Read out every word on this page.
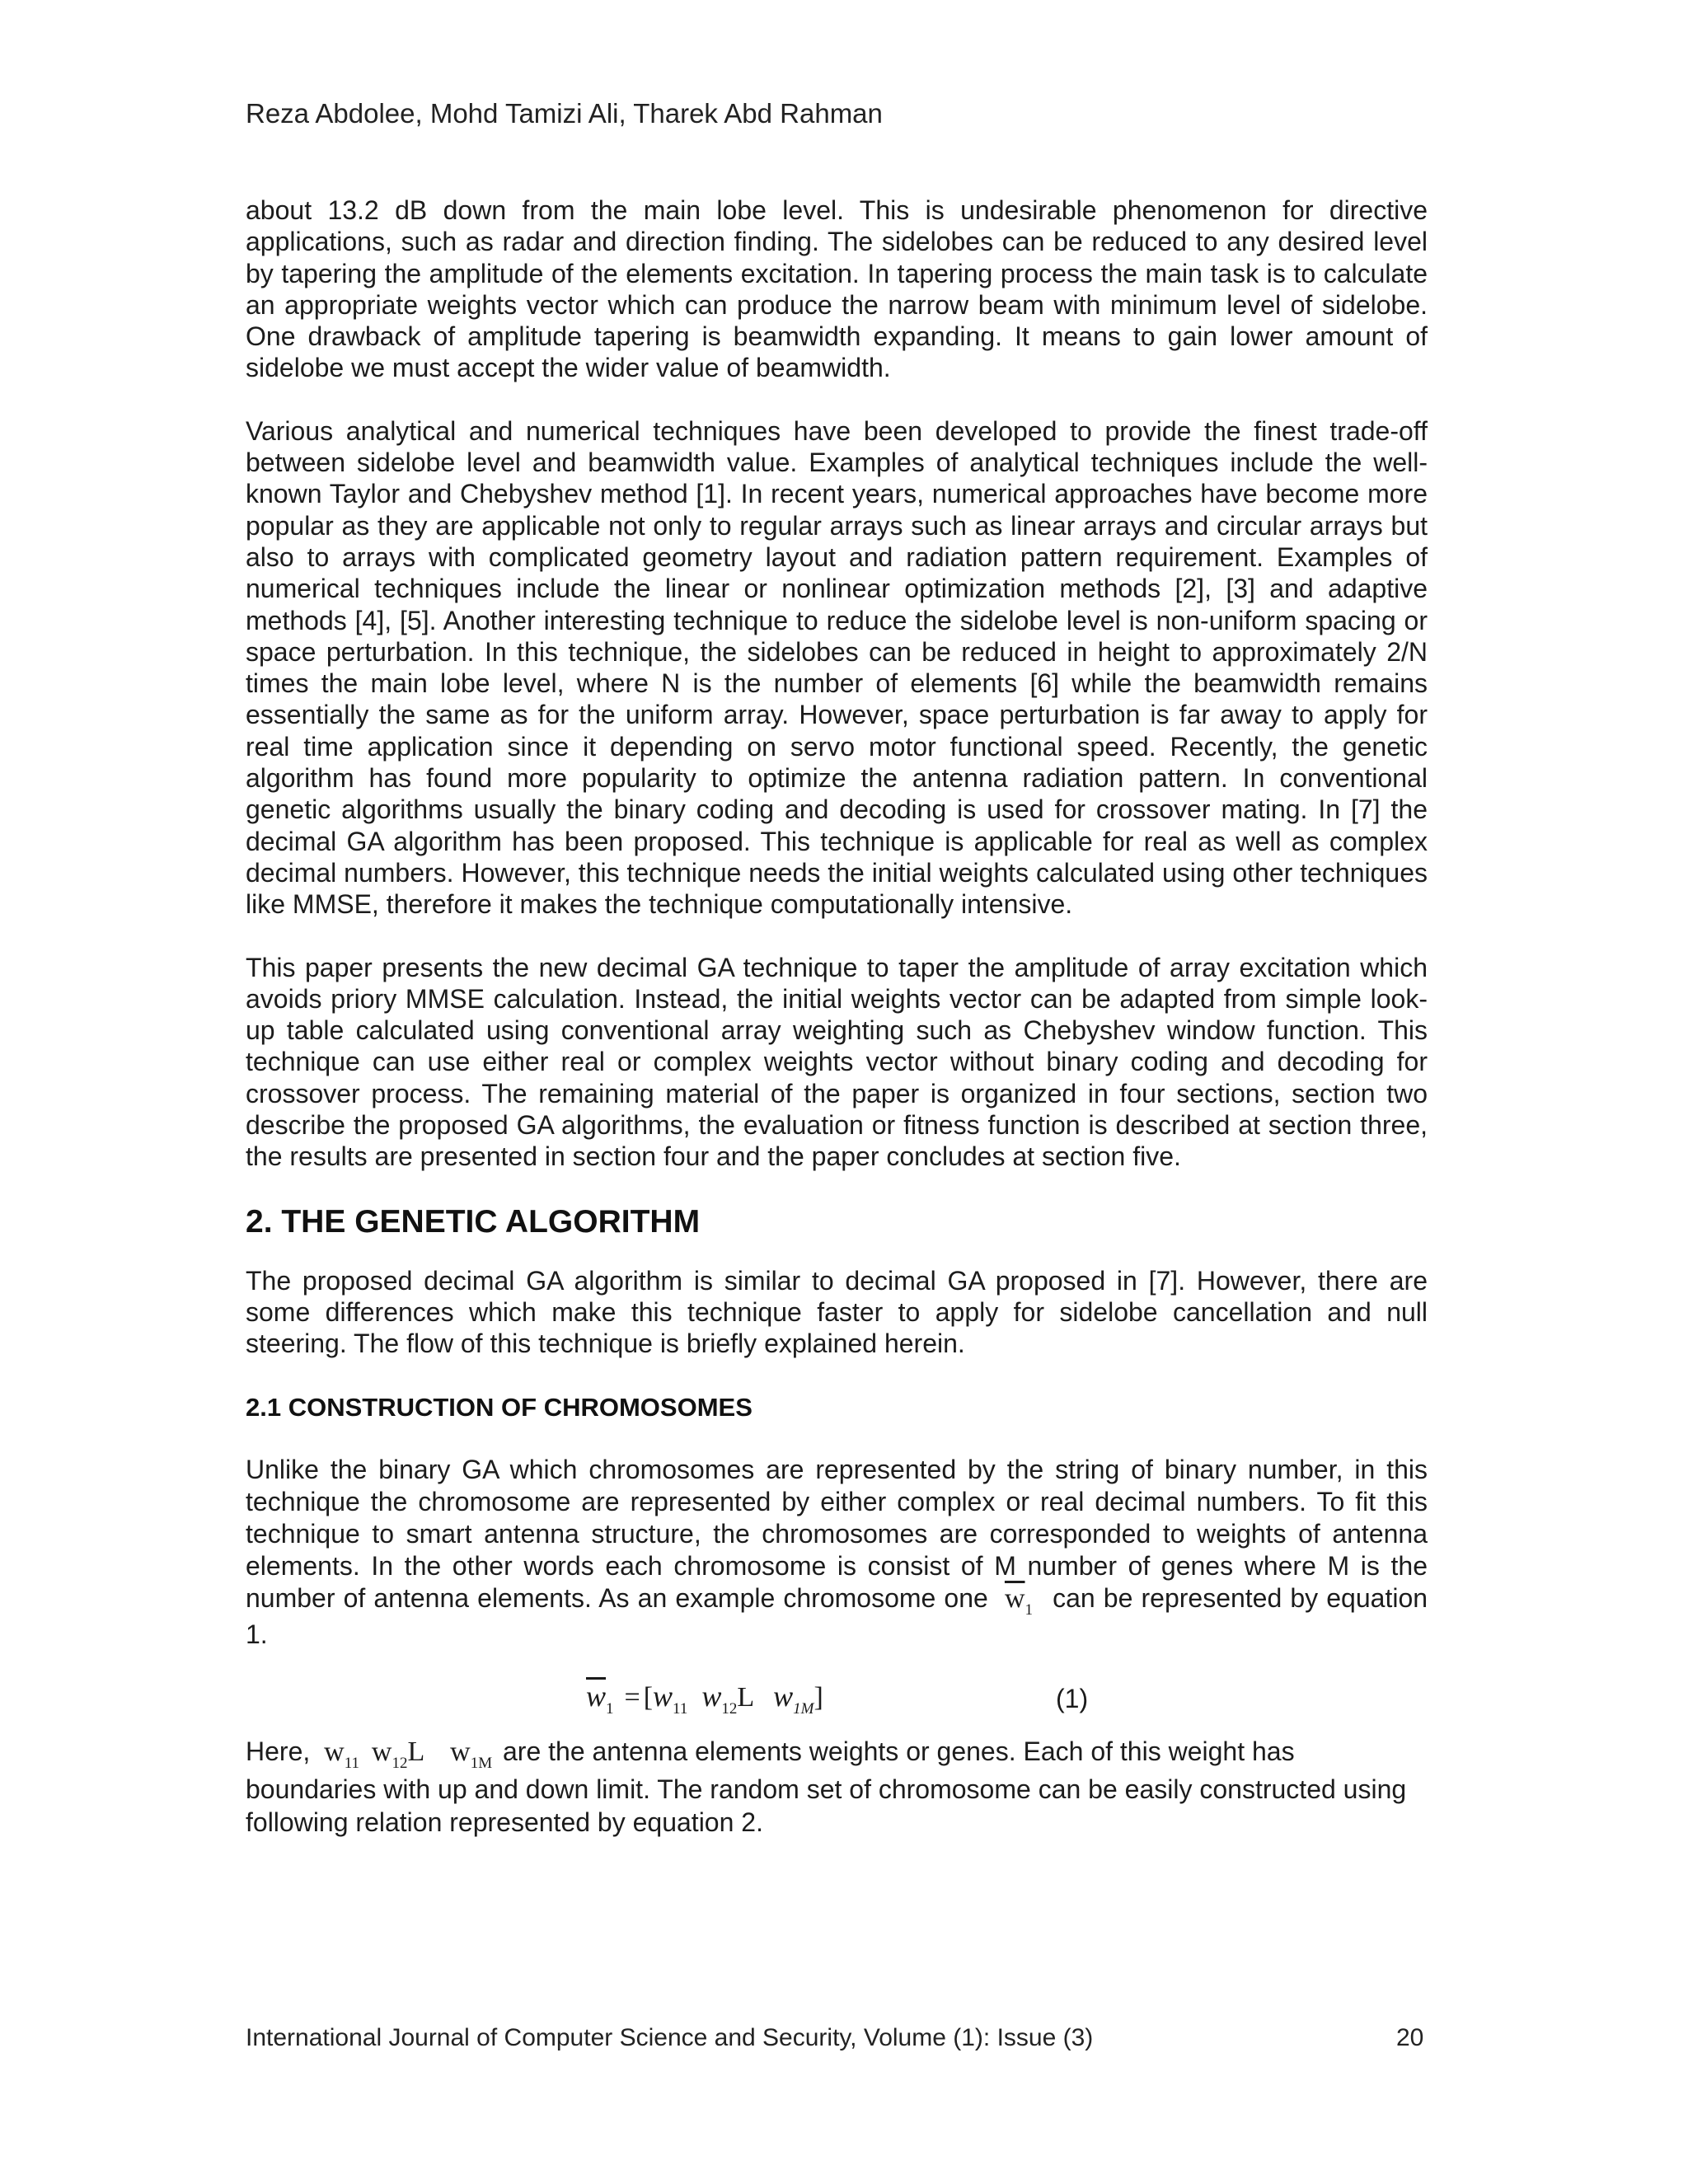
Reza Abdolee, Mohd Tamizi Ali, Tharek Abd Rahman

about 13.2 dB down from the main lobe level. This is undesirable phenomenon for directive applications, such as radar and direction finding. The sidelobes can be reduced to any desired level by tapering the amplitude of the elements excitation. In tapering process the main task is to calculate an appropriate weights vector which can produce the narrow beam with minimum level of sidelobe. One drawback of amplitude tapering is beamwidth expanding. It means to gain lower amount of sidelobe we must accept the wider value of beamwidth.

Various analytical and numerical techniques have been developed to provide the finest trade-off between sidelobe level and beamwidth value. Examples of analytical techniques include the well-known Taylor and Chebyshev method [1]. In recent years, numerical approaches have become more popular as they are applicable not only to regular arrays such as linear arrays and circular arrays but also to arrays with complicated geometry layout and radiation pattern requirement. Examples of numerical techniques include the linear or nonlinear optimization methods [2], [3] and adaptive methods [4], [5]. Another interesting technique to reduce the sidelobe level is non-uniform spacing or space perturbation. In this technique, the sidelobes can be reduced in height to approximately 2/N times the main lobe level, where N is the number of elements [6] while the beamwidth remains essentially the same as for the uniform array. However, space perturbation is far away to apply for real time application since it depending on servo motor functional speed. Recently, the genetic algorithm has found more popularity to optimize the antenna radiation pattern. In conventional genetic algorithms usually the binary coding and decoding is used for crossover mating. In [7] the decimal GA algorithm has been proposed. This technique is applicable for real as well as complex decimal numbers. However, this technique needs the initial weights calculated using other techniques like MMSE, therefore it makes the technique computationally intensive.

This paper presents the new decimal GA technique to taper the amplitude of array excitation which avoids priory MMSE calculation. Instead, the initial weights vector can be adapted from simple look-up table calculated using conventional array weighting such as Chebyshev window function. This technique can use either real or complex weights vector without binary coding and decoding for crossover process. The remaining material of the paper is organized in four sections, section two describe the proposed GA algorithms, the evaluation or fitness function is described at section three, the results are presented in section four and the paper concludes at section five.

2. THE GENETIC ALGORITHM

The proposed decimal GA algorithm is similar to decimal GA proposed in [7]. However, there are some differences which make this technique faster to apply for sidelobe cancellation and null steering. The flow of this technique is briefly explained herein.

2.1 CONSTRUCTION OF CHROMOSOMES

Unlike the binary GA which chromosomes are represented by the string of binary number, in this technique the chromosome are represented by either complex or real decimal numbers. To fit this technique to smart antenna structure, the chromosomes are corresponded to weights of antenna elements. In the other words each chromosome is consist of M number of genes where M is the number of antenna elements. As an example chromosome one $\overline{w}_1$ can be represented by equation 1.

$\overline{w}_1 = [w_{11}$ $w_{12}L$ $w_{1M}$]	(1)

Here, $w_{11}$ $w_{12}L$ $w_{1M}$ are the antenna elements weights or genes. Each of this weight has boundaries with up and down limit. The random set of chromosome can be easily constructed using following relation represented by equation 2.

International Journal of Computer Science and Security, Volume (1): Issue (3)	20
